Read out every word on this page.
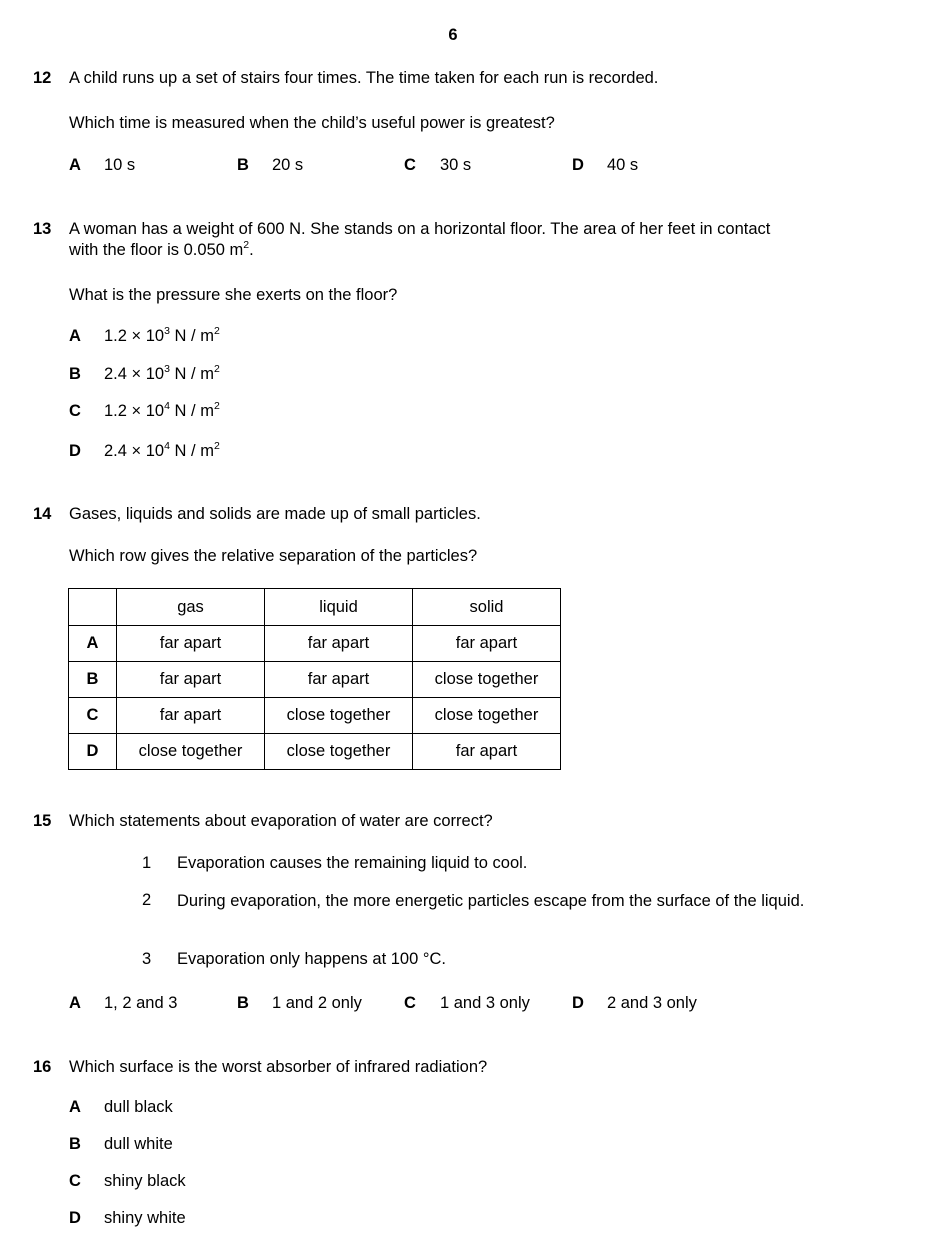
6
12 A child runs up a set of stairs four times. The time taken for each run is recorded.
Which time is measured when the child’s useful power is greatest?
A 10 s	B 20 s	C 30 s	D 40 s
13 A woman has a weight of 600 N. She stands on a horizontal floor. The area of her feet in contact
with the floor is 0.050 $m^2$.
What is the pressure she exerts on the floor?
A $1.2 \times 10^3$ N / $m^2$
B $2.4 \times 10^3$ N / $m^2$
C $1.2 \times 10^4$ N / $m^2$
D $2.4 \times 10^4$ N / $m^2$
14 Gases, liquids and solids are made up of small particles.
Which row gives the relative separation of the particles?
	gas	liquid	solid
A	far apart	far apart	far apart
B	far apart	far apart	close together
C	far apart	close together	close together
D	close together	close together	far apart
15 Which statements about evaporation of water are correct?
1 Evaporation causes the remaining liquid to cool.
2 During evaporation, the more energetic particles escape from the surface of the liquid.
3 Evaporation only happens at 100 °C.
A 1, 2 and 3	B 1 and 2 only	C 1 and 3 only	D 2 and 3 only
16 Which surface is the worst absorber of infrared radiation?
A dull black
B dull white
C shiny black
D shiny white
